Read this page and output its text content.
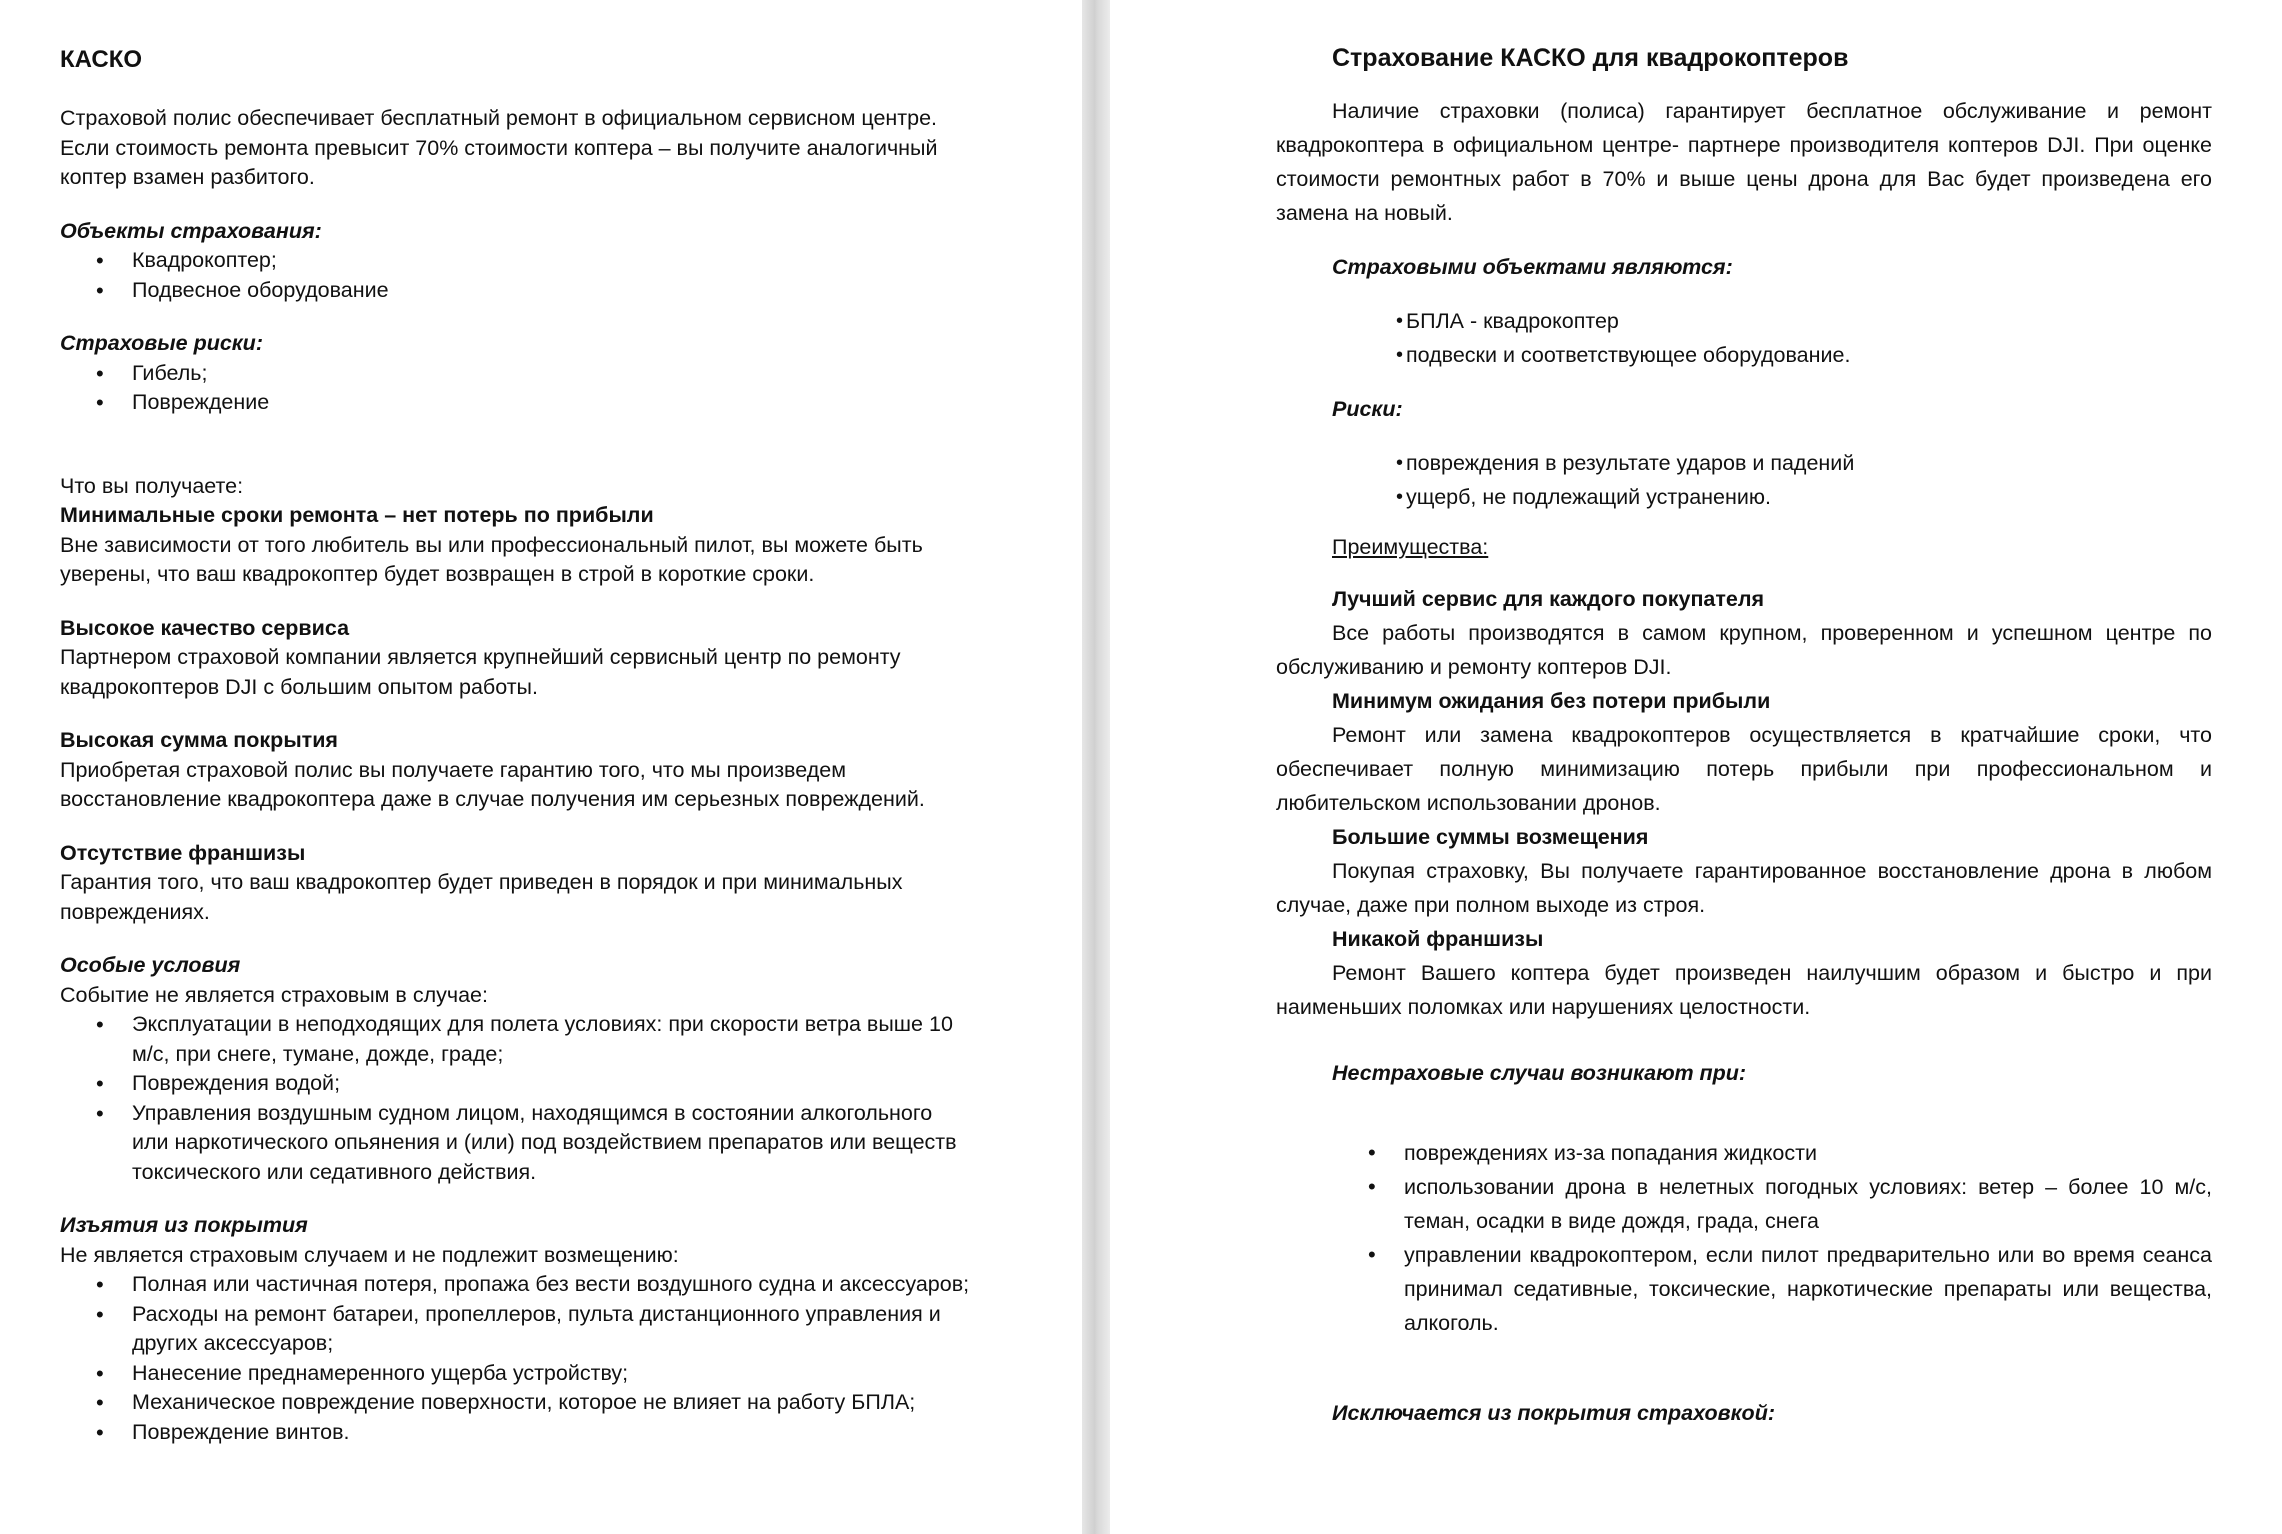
КАСКО

Страховой полис обеспечивает бесплатный ремонт в официальном сервисном центре.

Если стоимость ремонта превысит 70% стоимости коптера – вы получите аналогичный

коптер взамен разбитого.

Объекты страхования:

• Квадрокоптер;
• Подвесное оборудование

Страховые риски:

• Гибель;
• Повреждение

Что вы получаете:

Минимальные сроки ремонта – нет потерь по прибыли

Вне зависимости от того любитель вы или профессиональный пилот, вы можете быть

уверены, что ваш квадрокоптер будет возвращен в строй в короткие сроки.

Высокое качество сервиса

Партнером страховой компании является крупнейший сервисный центр по ремонту

квадрокоптеров DJI с большим опытом работы.

Высокая сумма покрытия

Приобретая страховой полис вы получаете гарантию того, что мы произведем

восстановление квадрокоптера даже в случае получения им серьезных повреждений.

Отсутствие франшизы

Гарантия того, что ваш квадрокоптер будет приведен в порядок и при минимальных

повреждениях.

Особые условия

Событие не является страховым в случае:

• Эксплуатации в неподходящих для полета условиях: при скорости ветра выше 10
м/с, при снеге, тумане, дожде, граде;
• Повреждения водой;
• Управления воздушным судном лицом, находящимся в состоянии алкогольного
или наркотического опьянения и (или) под воздействием препаратов или веществ
токсического или седативного действия.

Изъятия из покрытия

Не является страховым случаем и не подлежит возмещению:

• Полная или частичная потеря, пропажа без вести воздушного судна и аксессуаров;
• Расходы на ремонт батареи, пропеллеров, пульта дистанционного управления и
других аксессуаров;
• Нанесение преднамеренного ущерба устройству;
• Механическое повреждение поверхности, которое не влияет на работу БПЛА;
• Повреждение винтов.
Страхование КАСКО для квадрокоптеров

Наличие страховки (полиса) гарантирует бесплатное обслуживание и ремонт квадрокоптера в официальном центре- партнере производителя коптеров DJI. При оценке стоимости ремонтных работ в 70% и выше цены дрона для Вас будет произведена его замена на новый.

Страховыми объектами являются:

• БПЛА - квадрокоптер
• подвески и соответствующее оборудование.

Риски:

• повреждения в результате ударов и падений
• ущерб, не подлежащий устранению.

Преимущества:

Лучший сервис для каждого покупателя

Все работы производятся в самом крупном, проверенном и успешном центре по обслуживанию и ремонту коптеров DJI.

Минимум ожидания без потери прибыли

Ремонт или замена квадрокоптеров осуществляется в кратчайшие сроки, что обеспечивает полную минимизацию потерь прибыли при профессиональном и любительском использовании дронов.

Большие суммы возмещения

Покупая страховку, Вы получаете гарантированное восстановление дрона в любом случае, даже при полном выходе из строя.

Никакой франшизы

Ремонт Вашего коптера будет произведен наилучшим образом и быстро и при наименьших поломках или нарушениях целостности.

Нестраховые случаи возникают при:

• повреждениях из-за попадания жидкости
• использовании дрона в нелетных погодных условиях: ветер – более 10 м/с, теман, осадки в виде дождя, града, снега
• управлении квадрокоптером, если пилот предварительно или во время сеанса принимал седативные, токсические, наркотические препараты или вещества, алкоголь.

Исключается из покрытия страховкой:
